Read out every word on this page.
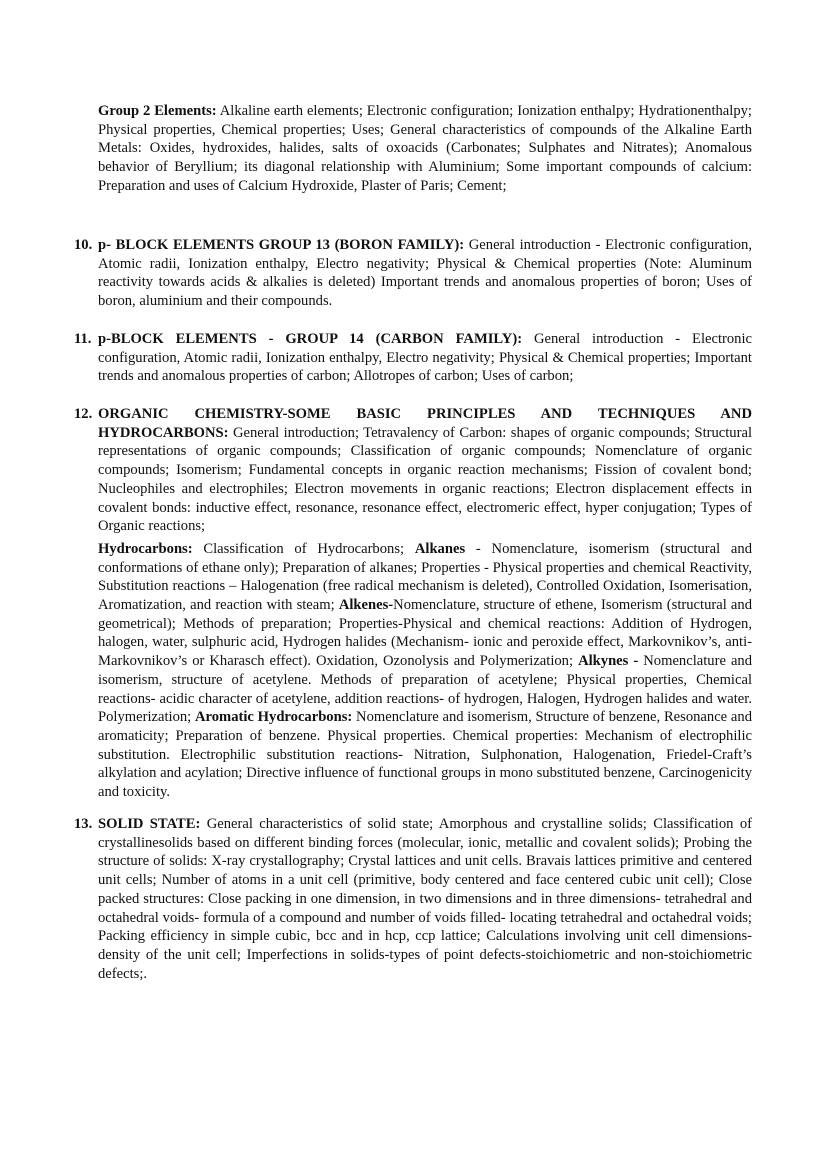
Group 2 Elements: Alkaline earth elements; Electronic configuration; Ionization enthalpy; Hydrationenthalpy; Physical properties, Chemical properties; Uses; General characteristics of compounds of the Alkaline Earth Metals: Oxides, hydroxides, halides, salts of oxoacids (Carbonates; Sulphates and Nitrates); Anomalous behavior of Beryllium; its diagonal relationship with Aluminium; Some important compounds of calcium: Preparation and uses of Calcium Hydroxide, Plaster of Paris; Cement;

10. p- BLOCK ELEMENTS GROUP 13 (BORON FAMILY): General introduction - Electronic configuration, Atomic radii, Ionization enthalpy, Electro negativity; Physical & Chemical properties (Note: Aluminum reactivity towards acids & alkalies is deleted) Important trends and anomalous properties of boron; Uses of boron, aluminium and their compounds.

11. p-BLOCK ELEMENTS - GROUP 14 (CARBON FAMILY): General introduction - Electronic configuration, Atomic radii, Ionization enthalpy, Electro negativity; Physical & Chemical properties; Important trends and anomalous properties of carbon; Allotropes of carbon; Uses of carbon;

12. ORGANIC CHEMISTRY-SOME BASIC PRINCIPLES AND TECHNIQUES AND HYDROCARBONS: General introduction; Tetravalency of Carbon: shapes of organic compounds; Structural representations of organic compounds; Classification of organic compounds; Nomenclature of organic compounds; Isomerism; Fundamental concepts in organic reaction mechanisms; Fission of covalent bond; Nucleophiles and electrophiles; Electron movements in organic reactions; Electron displacement effects in covalent bonds: inductive effect, resonance, resonance effect, electromeric effect, hyper conjugation; Types of Organic reactions;

Hydrocarbons: Classification of Hydrocarbons; Alkanes - Nomenclature, isomerism (structural and conformations of ethane only); Preparation of alkanes; Properties - Physical properties and chemical Reactivity, Substitution reactions – Halogenation (free radical mechanism is deleted), Controlled Oxidation, Isomerisation, Aromatization, and reaction with steam; Alkenes-Nomenclature, structure of ethene, Isomerism (structural and geometrical); Methods of preparation; Properties-Physical and chemical reactions: Addition of Hydrogen, halogen, water, sulphuric acid, Hydrogen halides (Mechanism- ionic and peroxide effect, Markovnikov’s, anti-Markovnikov’s or Kharasch effect). Oxidation, Ozonolysis and Polymerization; Alkynes - Nomenclature and isomerism, structure of acetylene. Methods of preparation of acetylene; Physical properties, Chemical reactions- acidic character of acetylene, addition reactions- of hydrogen, Halogen, Hydrogen halides and water. Polymerization; Aromatic Hydrocarbons: Nomenclature and isomerism, Structure of benzene, Resonance and aromaticity; Preparation of benzene. Physical properties. Chemical properties: Mechanism of electrophilic substitution. Electrophilic substitution reactions- Nitration, Sulphonation, Halogenation, Friedel-Craft’s alkylation and acylation; Directive influence of functional groups in mono substituted benzene, Carcinogenicity and toxicity.

13. SOLID STATE: General characteristics of solid state; Amorphous and crystalline solids; Classification of crystallinesolids based on different binding forces (molecular, ionic, metallic and covalent solids); Probing the structure of solids: X-ray crystallography; Crystal lattices and unit cells. Bravais lattices primitive and centered unit cells; Number of atoms in a unit cell (primitive, body centered and face centered cubic unit cell); Close packed structures: Close packing in one dimension, in two dimensions and in three dimensions- tetrahedral and octahedral voids- formula of a compound and number of voids filled- locating tetrahedral and octahedral voids; Packing efficiency in simple cubic, bcc and in hcp, ccp lattice; Calculations involving unit cell dimensions- density of the unit cell; Imperfections in solids-types of point defects-stoichiometric and non-stoichiometric defects;.
